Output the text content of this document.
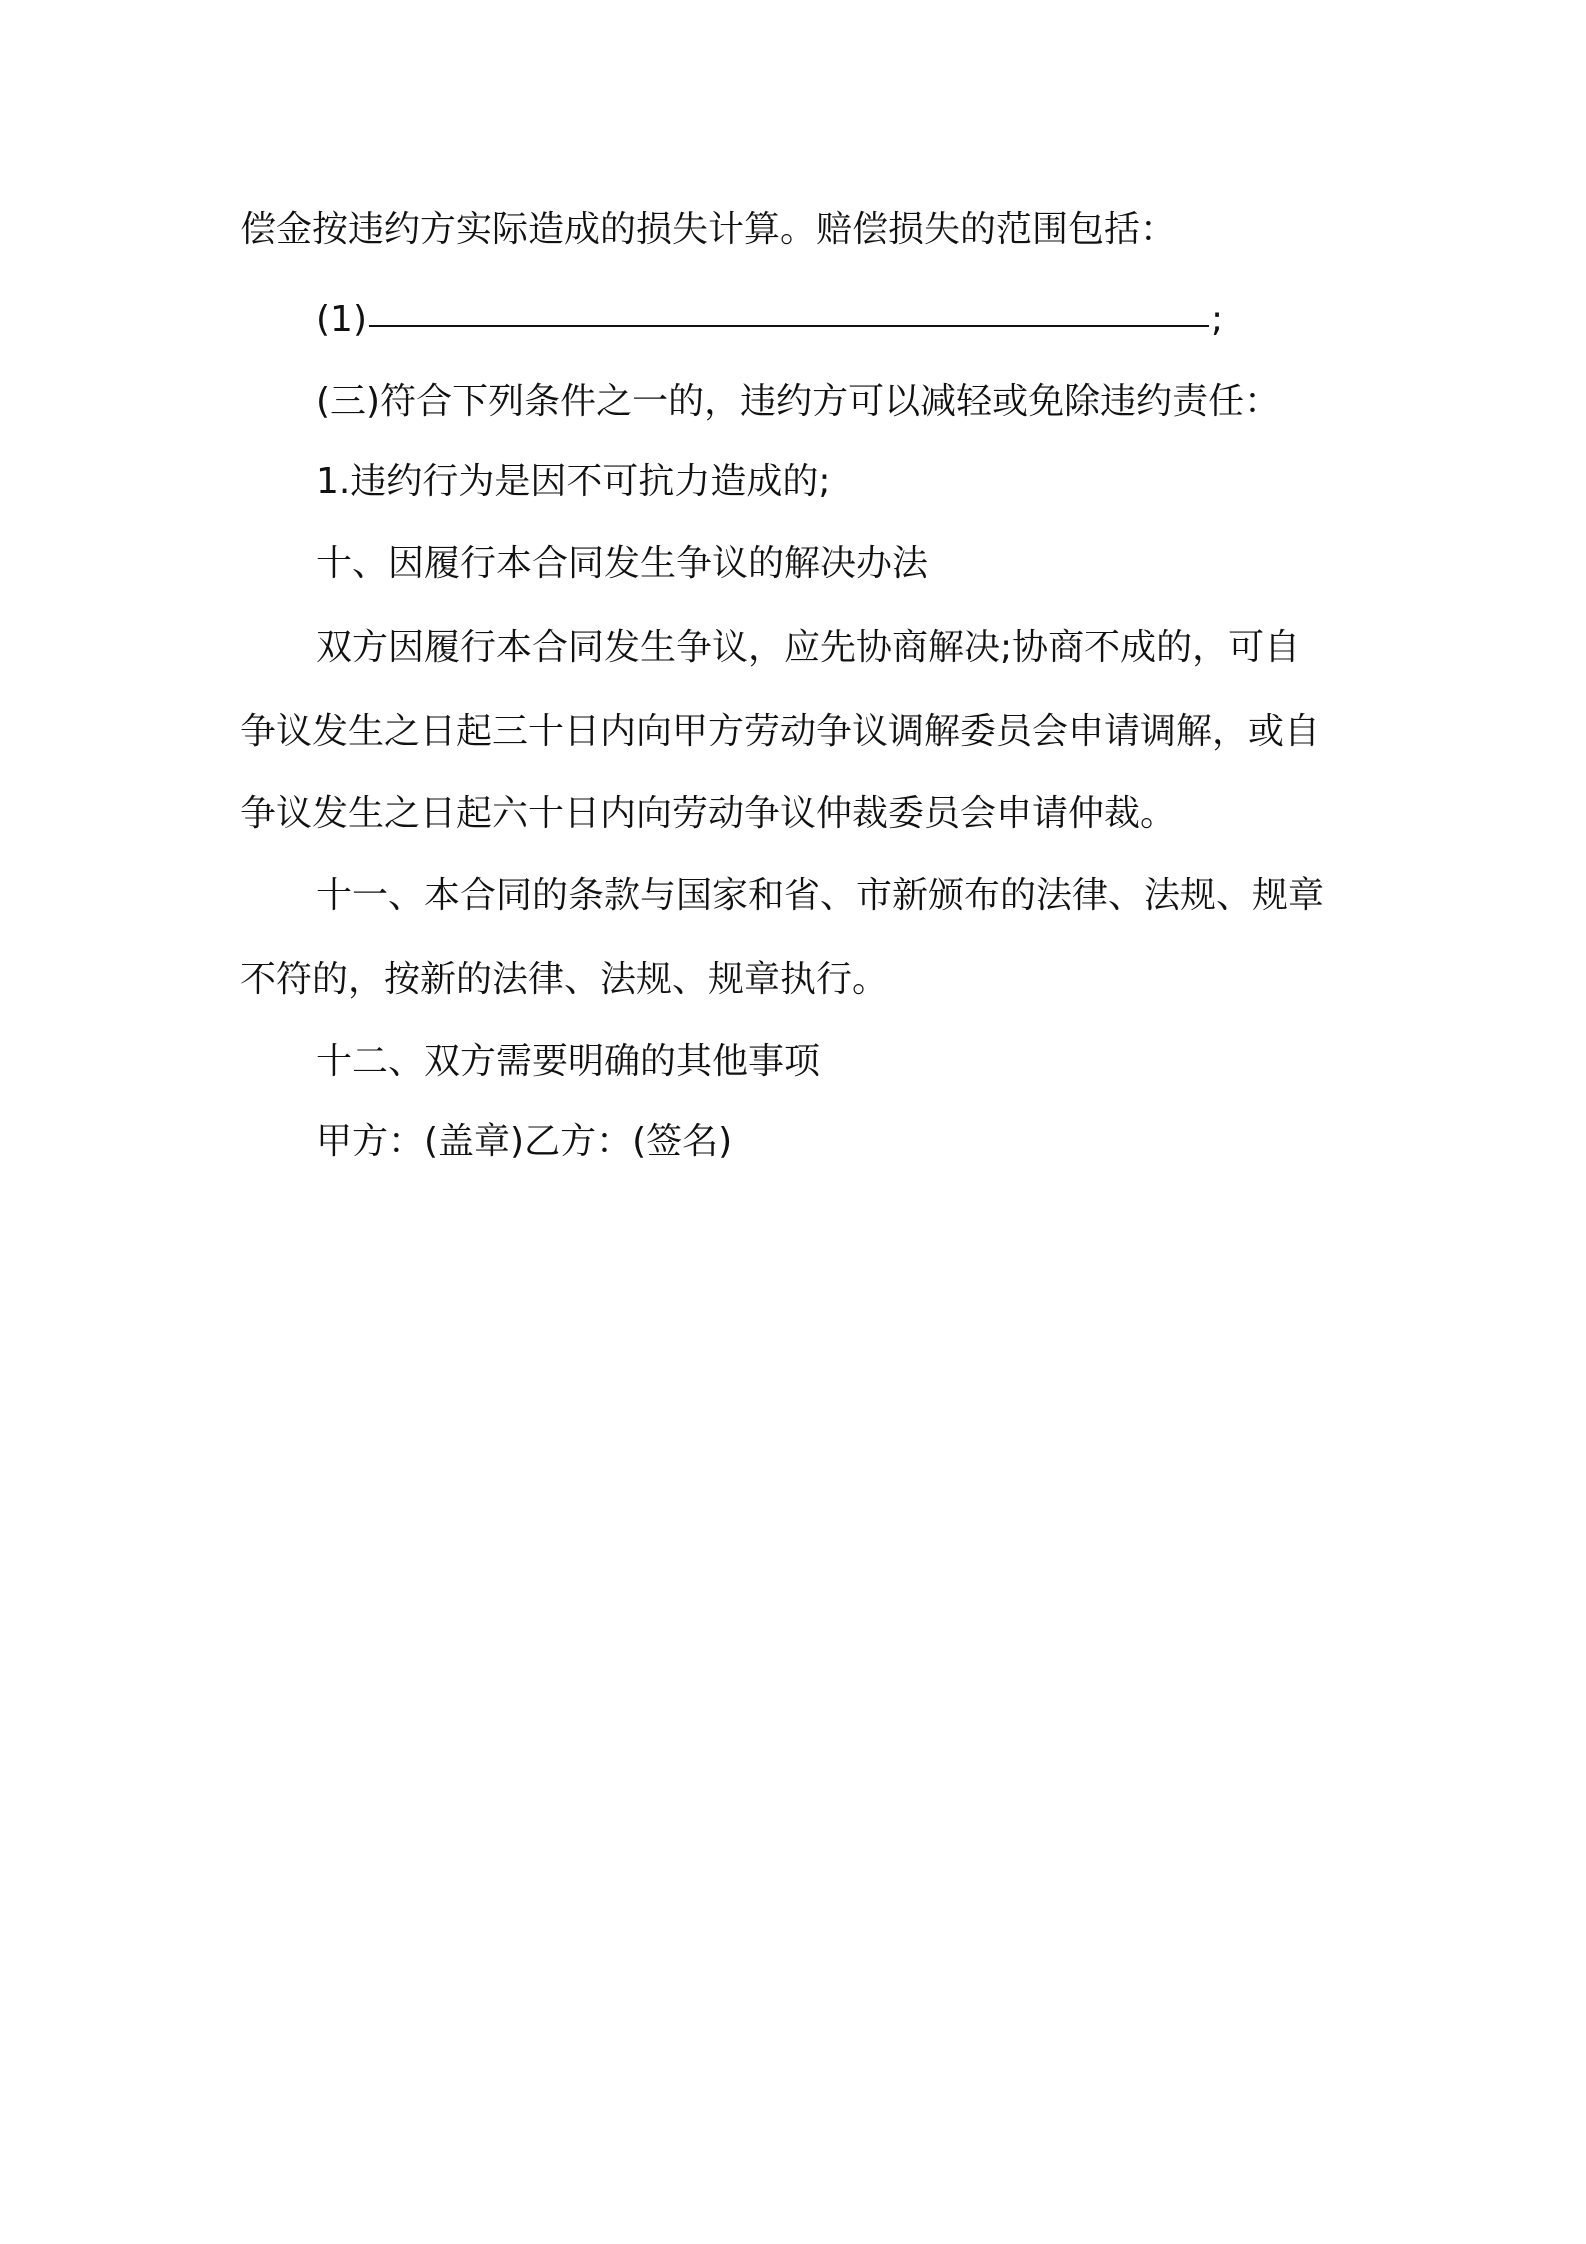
偿金按违约方实际造成的损失计算。赔偿损失的范围包括：
(1)	;
(三)符合下列条件之一的，违约方可以减轻或免除违约责任：
1.违约行为是因不可抗力造成的;
十、因履行本合同发生争议的解决办法
双方因履行本合同发生争议，应先协商解决;协商不成的，可自
争议发生之日起三十日内向甲方劳动争议调解委员会申请调解，或自
争议发生之日起六十日内向劳动争议仲裁委员会申请仲裁。
十一、本合同的条款与国家和省、市新颁布的法律、法规、规章
不符的，按新的法律、法规、规章执行。
十二、双方需要明确的其他事项
甲方：(盖章)乙方：(签名)
